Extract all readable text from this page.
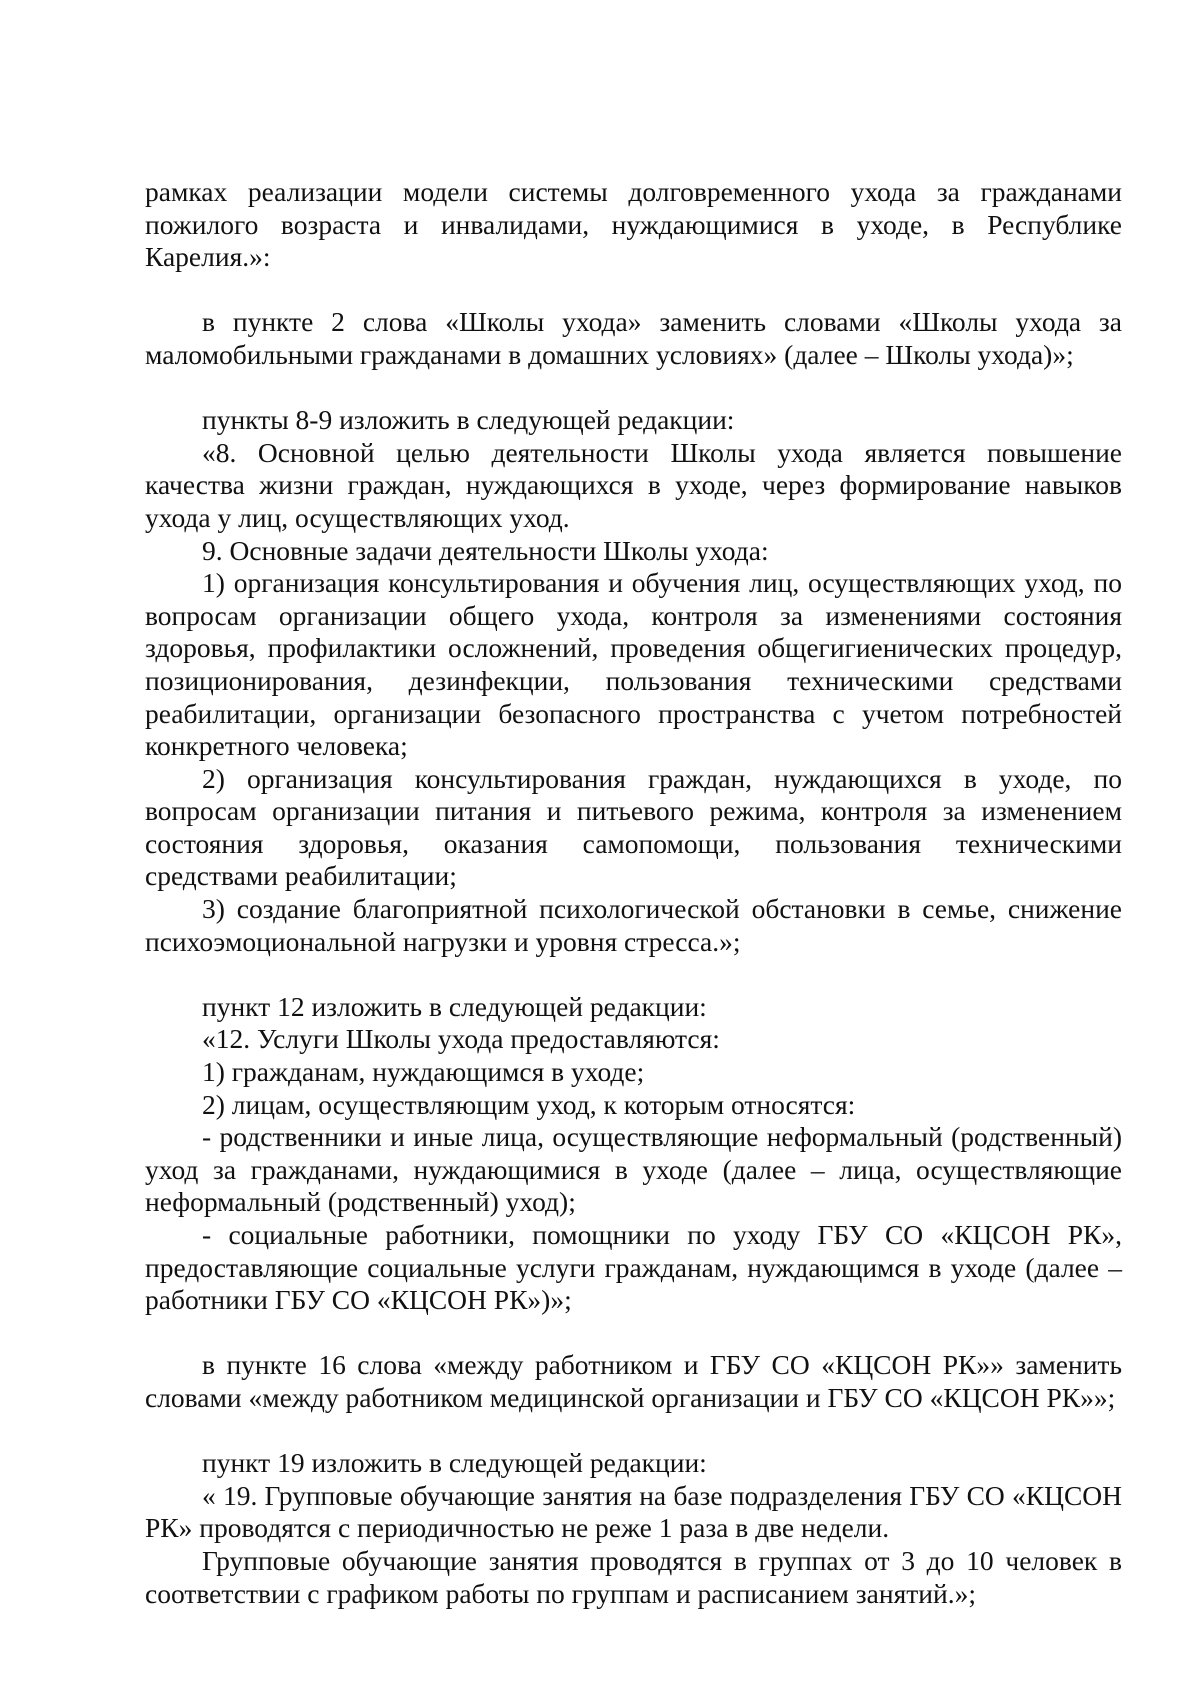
рамках реализации модели системы долговременного ухода за гражданами пожилого возраста и инвалидами, нуждающимися в уходе, в Республике Карелия.»:

в пункте 2 слова «Школы ухода» заменить словами «Школы ухода за маломобильными гражданами в домашних условиях» (далее – Школы ухода)»;

пункты 8-9 изложить в следующей редакции:

«8. Основной целью деятельности Школы ухода является повышение качества жизни граждан, нуждающихся в уходе, через формирование навыков ухода у лиц, осуществляющих уход.

9. Основные задачи деятельности Школы ухода:

1) организация консультирования и обучения лиц, осуществляющих уход, по вопросам организации общего ухода, контроля за изменениями состояния здоровья, профилактики осложнений, проведения общегигиенических процедур, позиционирования, дезинфекции, пользования техническими средствами реабилитации, организации безопасного пространства с учетом потребностей конкретного человека;

2) организация консультирования граждан, нуждающихся в уходе, по вопросам организации питания и питьевого режима, контроля за изменением состояния здоровья, оказания самопомощи, пользования техническими средствами реабилитации;

3) создание благоприятной психологической обстановки в семье, снижение психоэмоциональной нагрузки и уровня стресса.»;

пункт 12 изложить в следующей редакции:

«12. Услуги Школы ухода предоставляются:

1) гражданам, нуждающимся в уходе;

2) лицам, осуществляющим уход, к которым относятся:

- родственники и иные лица, осуществляющие неформальный (родственный) уход за гражданами, нуждающимися в уходе (далее – лица, осуществляющие неформальный (родственный) уход);

- социальные работники, помощники по уходу ГБУ СО «КЦСОН РК», предоставляющие социальные услуги гражданам, нуждающимся в уходе (далее – работники ГБУ СО «КЦСОН РК»)»;

в пункте 16 слова «между работником и ГБУ СО «КЦСОН РК»» заменить словами «между работником медицинской организации и ГБУ СО «КЦСОН РК»»;

пункт 19 изложить в следующей редакции:

« 19. Групповые обучающие занятия на базе подразделения ГБУ СО «КЦСОН РК» проводятся с периодичностью не реже 1 раза в две недели.

Групповые обучающие занятия проводятся в группах от 3 до 10 человек в соответствии с графиком работы по группам и расписанием занятий.»;
